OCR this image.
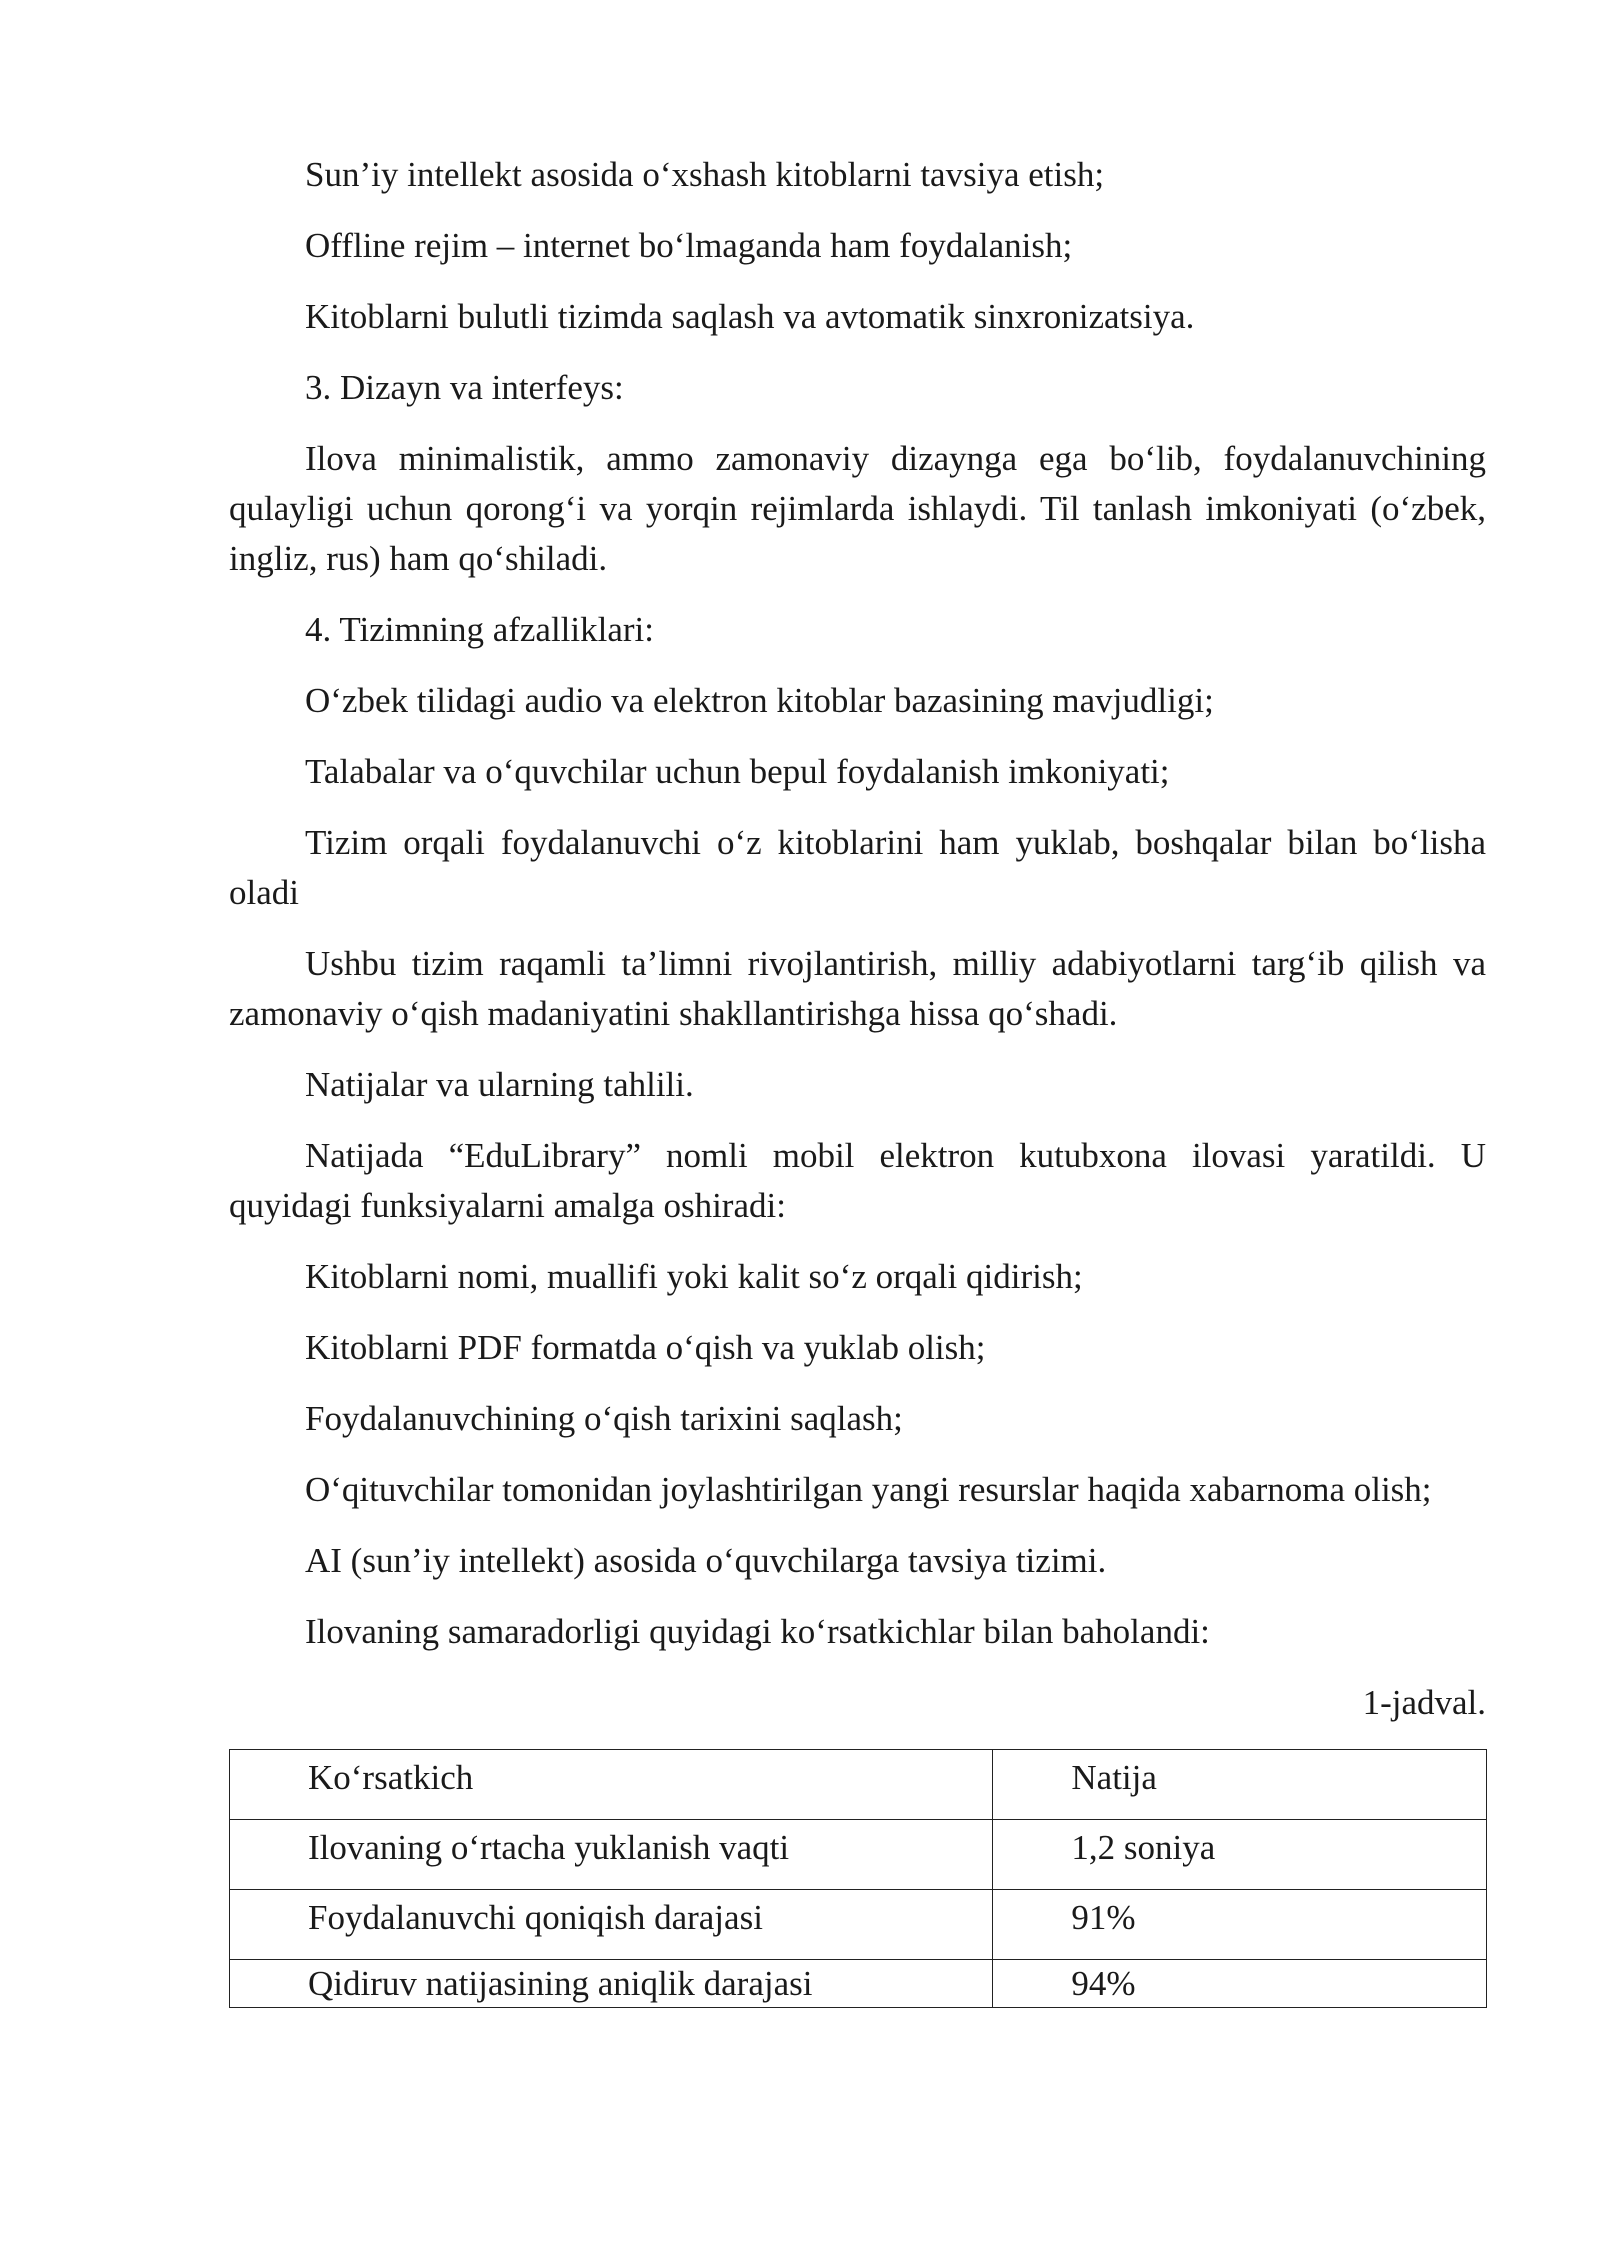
Sun’iy intellekt asosida o‘xshash kitoblarni tavsiya etish;

Offline rejim – internet bo‘lmaganda ham foydalanish;

Kitoblarni bulutli tizimda saqlash va avtomatik sinxronizatsiya.

3. Dizayn va interfeys:

Ilova minimalistik, ammo zamonaviy dizaynga ega bo‘lib, foydalanuvchining qulayligi uchun qorong‘i va yorqin rejimlarda ishlaydi. Til tanlash imkoniyati (o‘zbek, ingliz, rus) ham qo‘shiladi.

4. Tizimning afzalliklari:

O‘zbek tilidagi audio va elektron kitoblar bazasining mavjudligi;

Talabalar va o‘quvchilar uchun bepul foydalanish imkoniyati;

Tizim orqali foydalanuvchi o‘z kitoblarini ham yuklab, boshqalar bilan bo‘lisha oladi

Ushbu tizim raqamli ta’limni rivojlantirish, milliy adabiyotlarni targ‘ib qilish va zamonaviy o‘qish madaniyatini shakllantirishga hissa qo‘shadi.

Natijalar va ularning tahlili.

Natijada “EduLibrary” nomli mobil elektron kutubxona ilovasi yaratildi. U quyidagi funksiyalarni amalga oshiradi:

Kitoblarni nomi, muallifi yoki kalit so‘z orqali qidirish;

Kitoblarni PDF formatda o‘qish va yuklab olish;

Foydalanuvchining o‘qish tarixini saqlash;

O‘qituvchilar tomonidan joylashtirilgan yangi resurslar haqida xabarnoma olish;

AI (sun’iy intellekt) asosida o‘quvchilarga tavsiya tizimi.

Ilovaning samaradorligi quyidagi ko‘rsatkichlar bilan baholandi:

1-jadval.

Ko‘rsatkich	Natija
Ilovaning o‘rtacha yuklanish vaqti	1,2 soniya
Foydalanuvchi qoniqish darajasi	91%
Qidiruv natijasining aniqlik darajasi	94%
